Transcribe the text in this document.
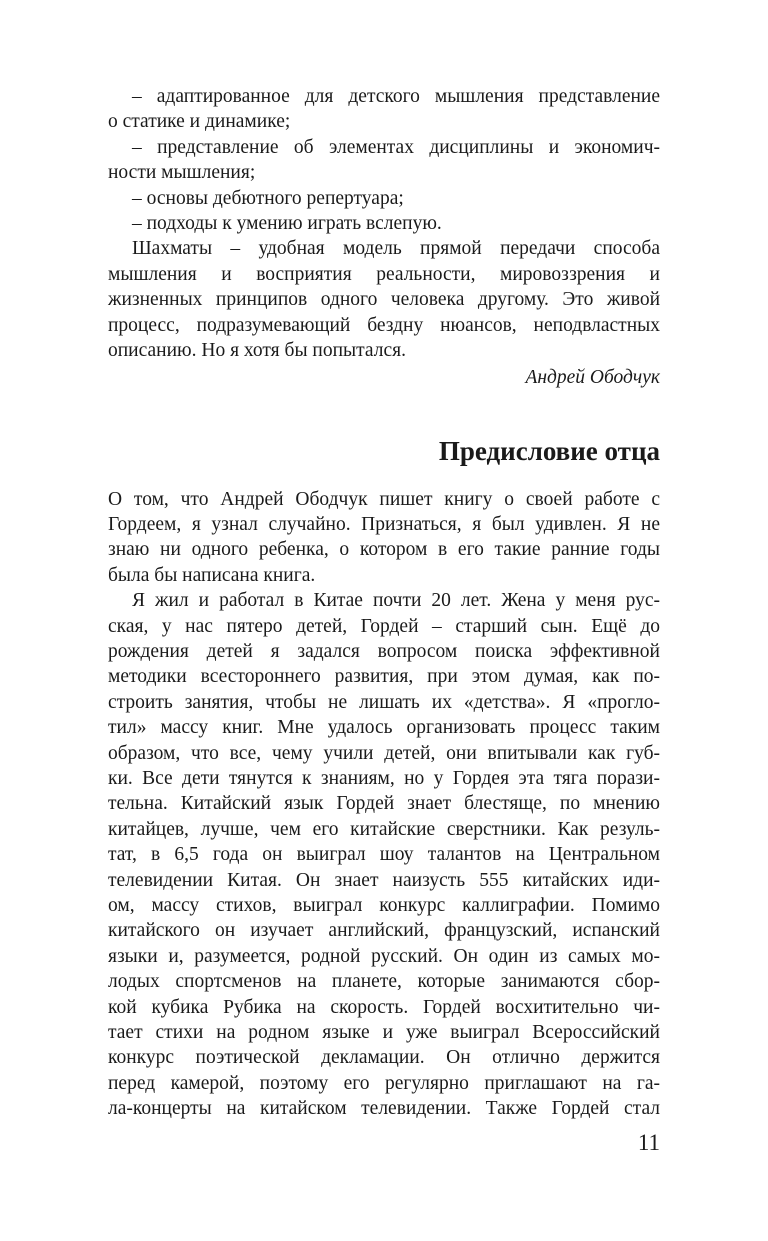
– адаптированное для детского мышления представление
о статике и динамике;
– представление об элементах дисциплины и экономич-
ности мышления;
– основы дебютного репертуара;
– подходы к умению играть вслепую.
Шахматы – удобная модель прямой передачи способа
мышления и восприятия реальности, мировоззрения и
жизненных принципов одного человека другому. Это живой
процесс, подразумевающий бездну нюансов, неподвластных
описанию. Но я хотя бы попытался.
Андрей Ободчук
Предисловие отца
О том, что Андрей Ободчук пишет книгу о своей работе с
Гордеем, я узнал случайно. Признаться, я был удивлен. Я не
знаю ни одного ребенка, о котором в его такие ранние годы
была бы написана книга.
Я жил и работал в Китае почти 20 лет. Жена у меня рус-
ская, у нас пятеро детей, Гордей – старший сын. Ещё до
рождения детей я задался вопросом поиска эффективной
методики всестороннего развития, при этом думая, как по-
строить занятия, чтобы не лишать их «детства». Я «прогло-
тил» массу книг. Мне удалось организовать процесс таким
образом, что все, чему учили детей, они впитывали как губ-
ки. Все дети тянутся к знаниям, но у Гордея эта тяга порази-
тельна. Китайский язык Гордей знает блестяще, по мнению
китайцев, лучше, чем его китайские сверстники. Как резуль-
тат, в 6,5 года он выиграл шоу талантов на Центральном
телевидении Китая. Он знает наизусть 555 китайских иди-
ом, массу стихов, выиграл конкурс каллиграфии. Помимо
китайского он изучает английский, французский, испанский
языки и, разумеется, родной русский. Он один из самых мо-
лодых спортсменов на планете, которые занимаются сбор-
кой кубика Рубика на скорость. Гордей восхитительно чи-
тает стихи на родном языке и уже выиграл Всероссийский
конкурс поэтической декламации. Он отлично держится
перед камерой, поэтому его регулярно приглашают на га-
ла-концерты на китайском телевидении. Также Гордей стал
11
